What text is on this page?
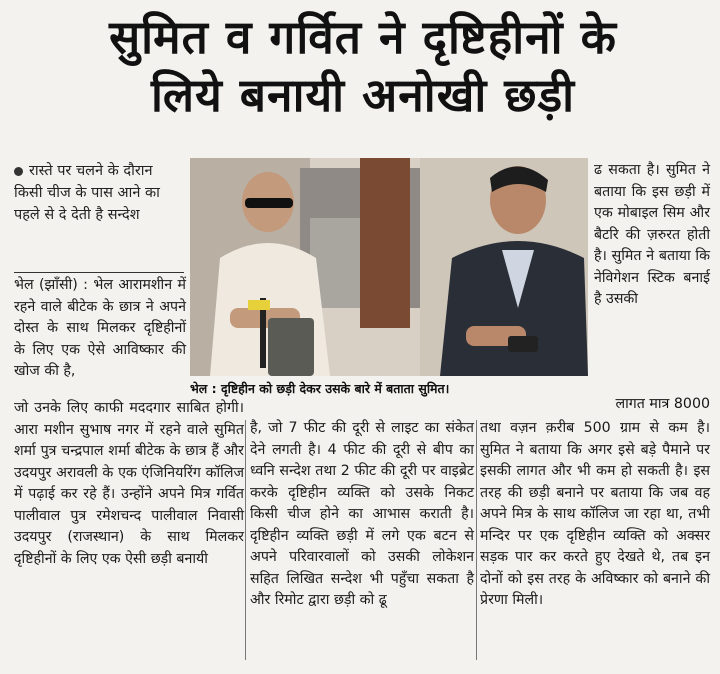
सुमित व गर्वित ने दृष्टिहीनों के
लिये बनायी अनोखी छड़ी
रास्ते पर चलने के दौरान किसी चीज के पास आने का पहले से दे देती है सन्देश
भेल (झाँसी) : भेल आरामशीन में रहने वाले बीटेक के छात्र ने अपने दोस्त के साथ मिलकर दृष्टिहीनों के लिए एक ऐसे आविष्कार की खोज की है,
भेल : दृष्टिहीन को छड़ी देकर उसके बारे में बताता सुमित।
ढ सकता है। सुमित ने बताया कि इस छड़ी में एक मोबाइल सिम और बैटरि की ज़रुरत होती है। सुमित ने बताया कि नेविगेशन स्टिक बनाई है उसकी
लागत मात्र 8000
जो उनके लिए काफी मददगार साबित होगी। आरा मशीन सुभाष नगर में रहने वाले सुमित शर्मा पुत्र चन्द्रपाल शर्मा बीटेक के छात्र हैं और उदयपुर अरावली के एक एंजिनियरिंग कॉलिज में पढ़ाई कर रहे हैं। उन्होंने अपने मित्र गर्वित पालीवाल पुत्र रमेशचन्द पालीवाल निवासी उदयपुर (राजस्थान) के साथ मिलकर दृष्टिहीनों के लिए एक ऐसी छड़ी बनायी
है, जो 7 फीट की दूरी से लाइट का संकेत देने लगती है। 4 फीट की दूरी से बीप का ध्वनि सन्देश तथा 2 फीट की दूरी पर वाइब्रेट करके दृष्टिहीन व्यक्ति को उसके निकट किसी चीज होने का आभास कराती है। दृष्टिहीन व्यक्ति छड़ी में लगे एक बटन से अपने परिवारवालों को उसकी लोकेशन सहित लिखित सन्देश भी पहुँचा सकता है और रिमोट द्वारा छड़ी को ढू
तथा वज़न क़रीब 500 ग्राम से कम है। सुमित ने बताया कि अगर इसे बड़े पैमाने पर इसकी लागत और भी कम हो सकती है। इस तरह की छड़ी बनाने पर बताया कि जब वह अपने मित्र के साथ कॉलिज जा रहा था, तभी मन्दिर पर एक दृष्टिहीन व्यक्ति को अक्सर सड़क पार कर करते हुए देखते थे, तब इन दोनों को इस तरह के अविष्कार को बनाने की प्रेरणा मिली।
